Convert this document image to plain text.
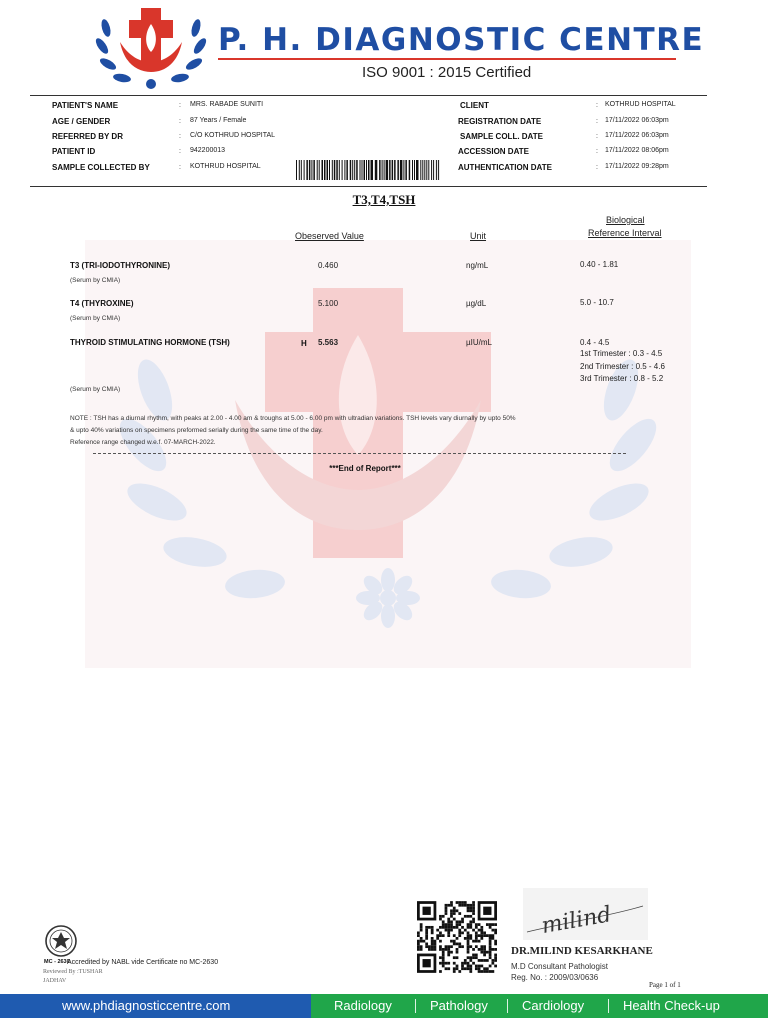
P. H. DIAGNOSTIC CENTRE
ISO 9001 : 2015 Certified
PATIENT'S NAME	: MRS. RABADE SUNITI
AGE / GENDER	: 87 Years / Female
REFERRED BY DR	: C/O KOTHRUD HOSPITAL
PATIENT ID	: 942200013
SAMPLE COLLECTED BY	: KOTHRUD HOSPITAL
CLIENT	: KOTHRUD HOSPITAL
REGISTRATION DATE	: 17/11/2022 06:03pm
SAMPLE COLL. DATE	: 17/11/2022 06:03pm
ACCESSION DATE	: 17/11/2022 08:06pm
AUTHENTICATION DATE	: 17/11/2022 09:28pm
T3,T4,TSH
Obeserved Value	Unit
Biological
Reference Interval
T3 (TRI-IODOTHYRONINE)
(Serum by CMIA)
0.460	ng/mL	0.40 - 1.81
T4 (THYROXINE)
(Serum by CMIA)
5.100	µg/dL	5.0 - 10.7
THYROID STIMULATING HORMONE (TSH)	H 5.563	µIU/mL	0.4 - 4.5
1st Trimester : 0.3 - 4.5
2nd Trimester : 0.5 - 4.6
3rd Trimester : 0.8 - 5.2
(Serum by CMIA)
NOTE : TSH has a diurnal rhythm, with peaks at 2.00 - 4.00 am & troughs at 5.00 - 6.00 pm with ultradian variations. TSH levels vary diurnally by upto 50%
& upto 40% variations on specimens preformed serially during the same time of the day.
Reference range changed w.e.f. 07-MARCH-2022.
***End of Report***
MC - 2630
Accredited by NABL vide Certificate no MC-2630
Reviewed By :TUSHAR JADHAV
milind
DR.MILIND KESARKHANE
M.D Consultant Pathologist
Reg. No. : 2009/03/0636
Page 1 of 1
www.phdiagnosticcentre.com	Radiology	Pathology	Cardiology	Health Check-up
